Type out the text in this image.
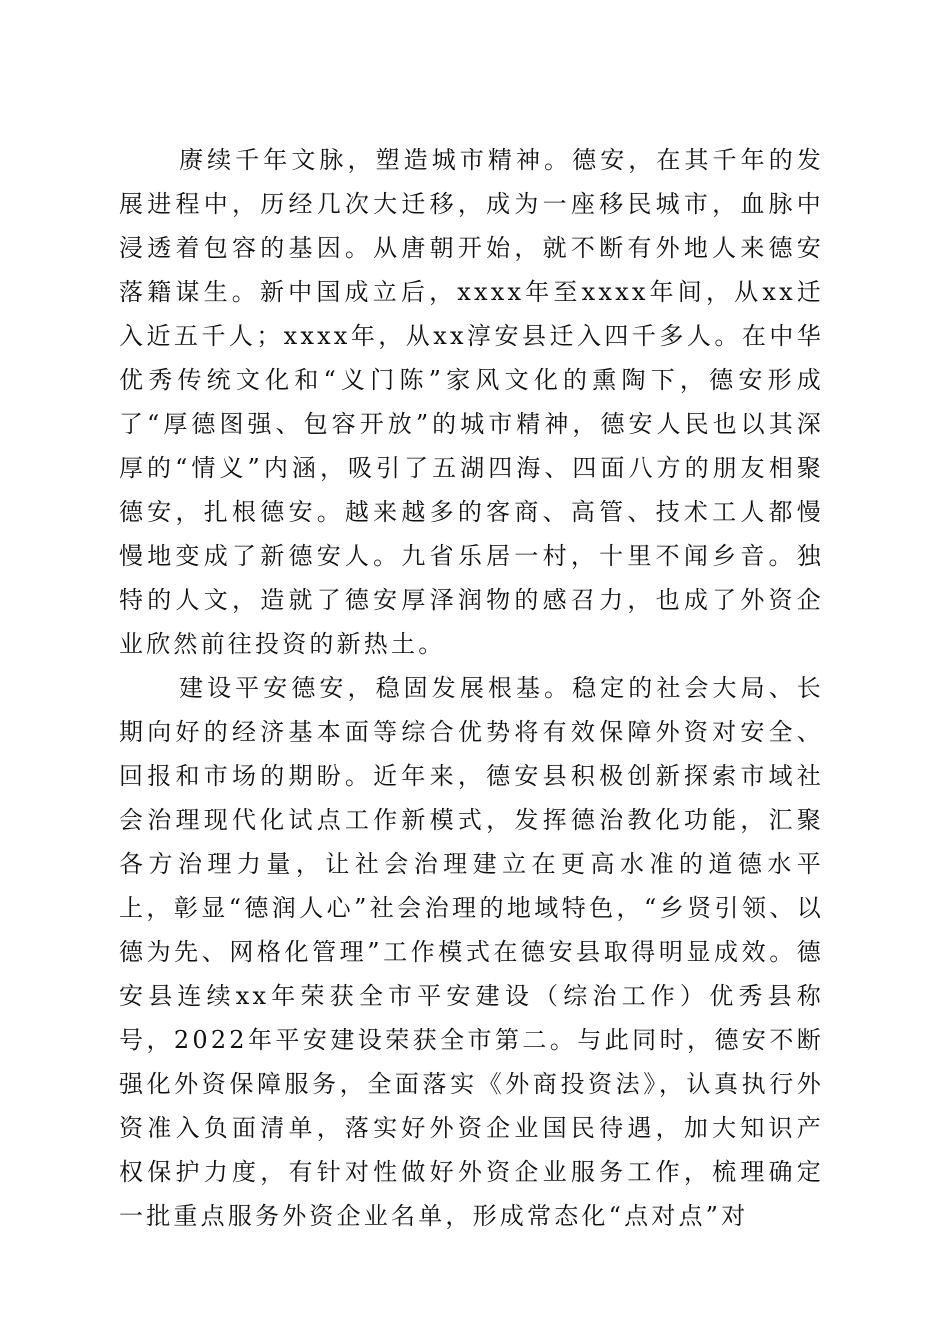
赓续千年文脉，塑造城市精神。德安，在其千年的发展进程中，历经几次大迁移，成为一座移民城市，血脉中浸透着包容的基因。从唐朝开始，就不断有外地人来德安落籍谋生。新中国成立后，xxxx年至xxxx年间，从xx迁入近五千人；xxxx年，从xx淳安县迁入四千多人。在中华优秀传统文化和“义门陈”家风文化的熏陶下，德安形成了“厚德图强、包容开放”的城市精神，德安人民也以其深厚的“情义”内涵，吸引了五湖四海、四面八方的朋友相聚德安，扎根德安。越来越多的客商、高管、技术工人都慢慢地变成了新德安人。九省乐居一村，十里不闻乡音。独特的人文，造就了德安厚泽润物的感召力，也成了外资企业欣然前往投资的新热土。

建设平安德安，稳固发展根基。稳定的社会大局、长期向好的经济基本面等综合优势将有效保障外资对安全、回报和市场的期盼。近年来，德安县积极创新探索市域社会治理现代化试点工作新模式，发挥德治教化功能，汇聚各方治理力量，让社会治理建立在更高水准的道德水平上，彰显“德润人心”社会治理的地域特色，“乡贤引领、以德为先、网格化管理”工作模式在德安县取得明显成效。德安县连续xx年荣获全市平安建设（综治工作）优秀县称号，2022年平安建设荣获全市第二。与此同时，德安不断强化外资保障服务，全面落实《外商投资法》，认真执行外资准入负面清单，落实好外资企业国民待遇，加大知识产权保护力度，有针对性做好外资企业服务工作，梳理确定一批重点服务外资企业名单，形成常态化“点对点”对
